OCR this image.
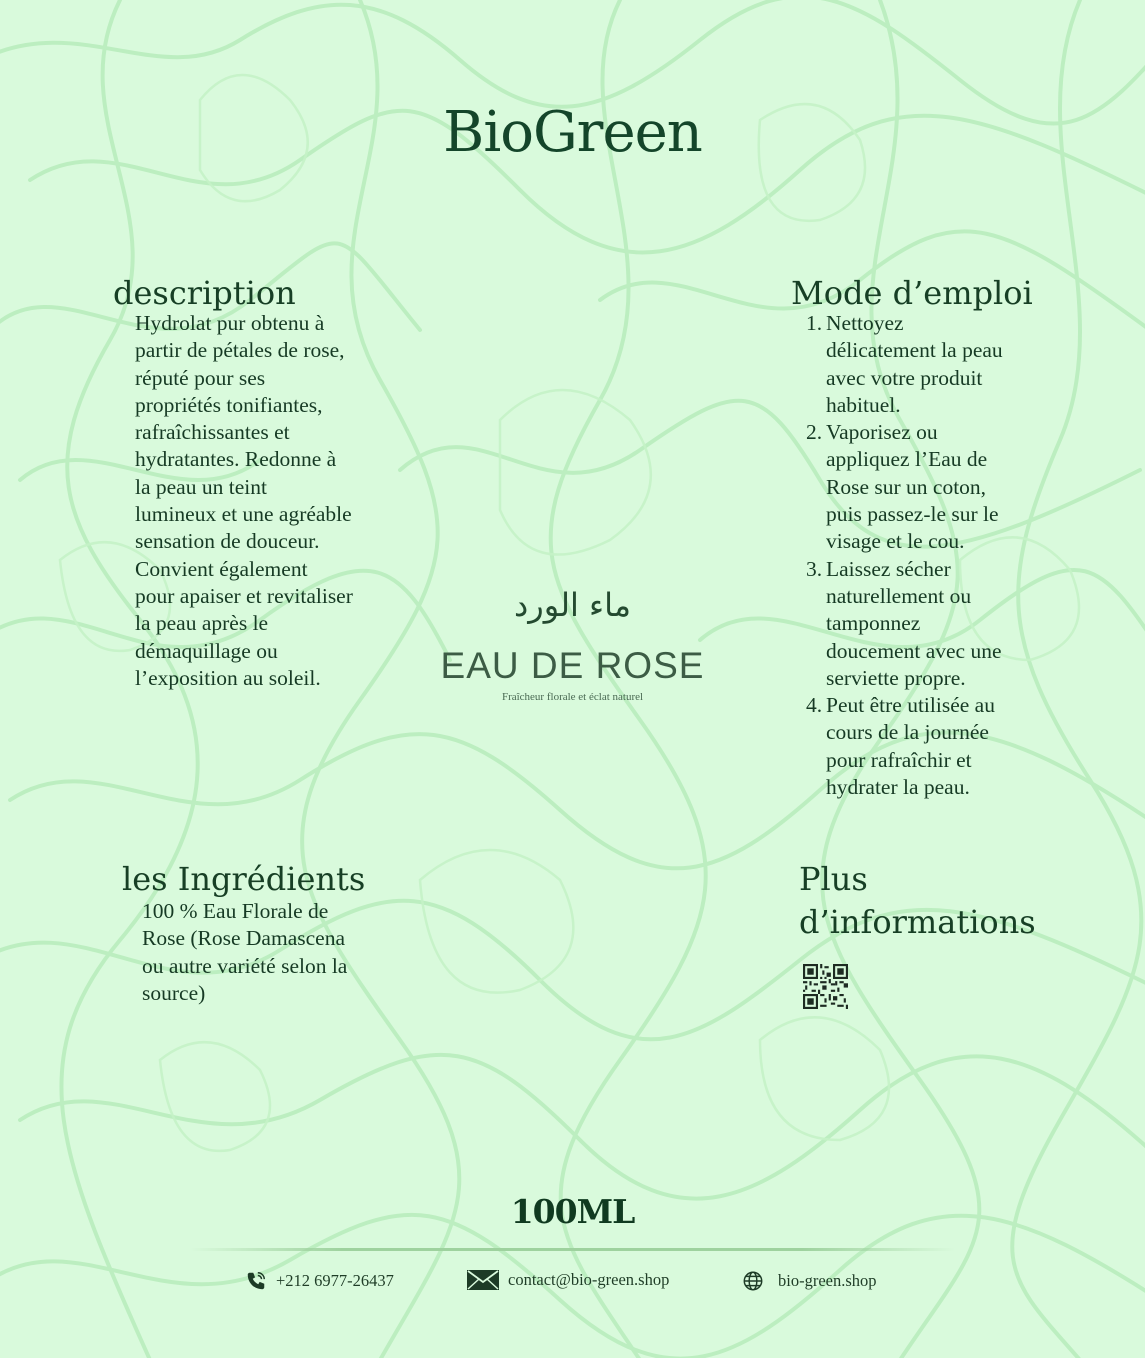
BioGreen
description
Hydrolat pur obtenu à
partir de pétales de rose,
réputé pour ses
propriétés tonifiantes,
rafraîchissantes et
hydratantes. Redonne à
la peau un teint
lumineux et une agréable
sensation de douceur.
Convient également
pour apaiser et revitaliser
la peau après le
démaquillage ou
l’exposition au soleil.
Mode d’emploi
1. Nettoyez
délicatement la peau
avec votre produit
habituel.
2. Vaporisez ou
appliquez l’Eau de
Rose sur un coton,
puis passez-le sur le
visage et le cou.
3. Laissez sécher
naturellement ou
tamponnez
doucement avec une
serviette propre.
4. Peut être utilisée au
cours de la journée
pour rafraîchir et
hydrater la peau.
ماء الورد
EAU DE ROSE
Fraîcheur florale et éclat naturel
les Ingrédients
100 % Eau Florale de
Rose (Rose Damascena
ou autre variété selon la
source)
Plus
d’informations
100ML
+212 6977-26437	contact@bio-green.shop	bio-green.shop
